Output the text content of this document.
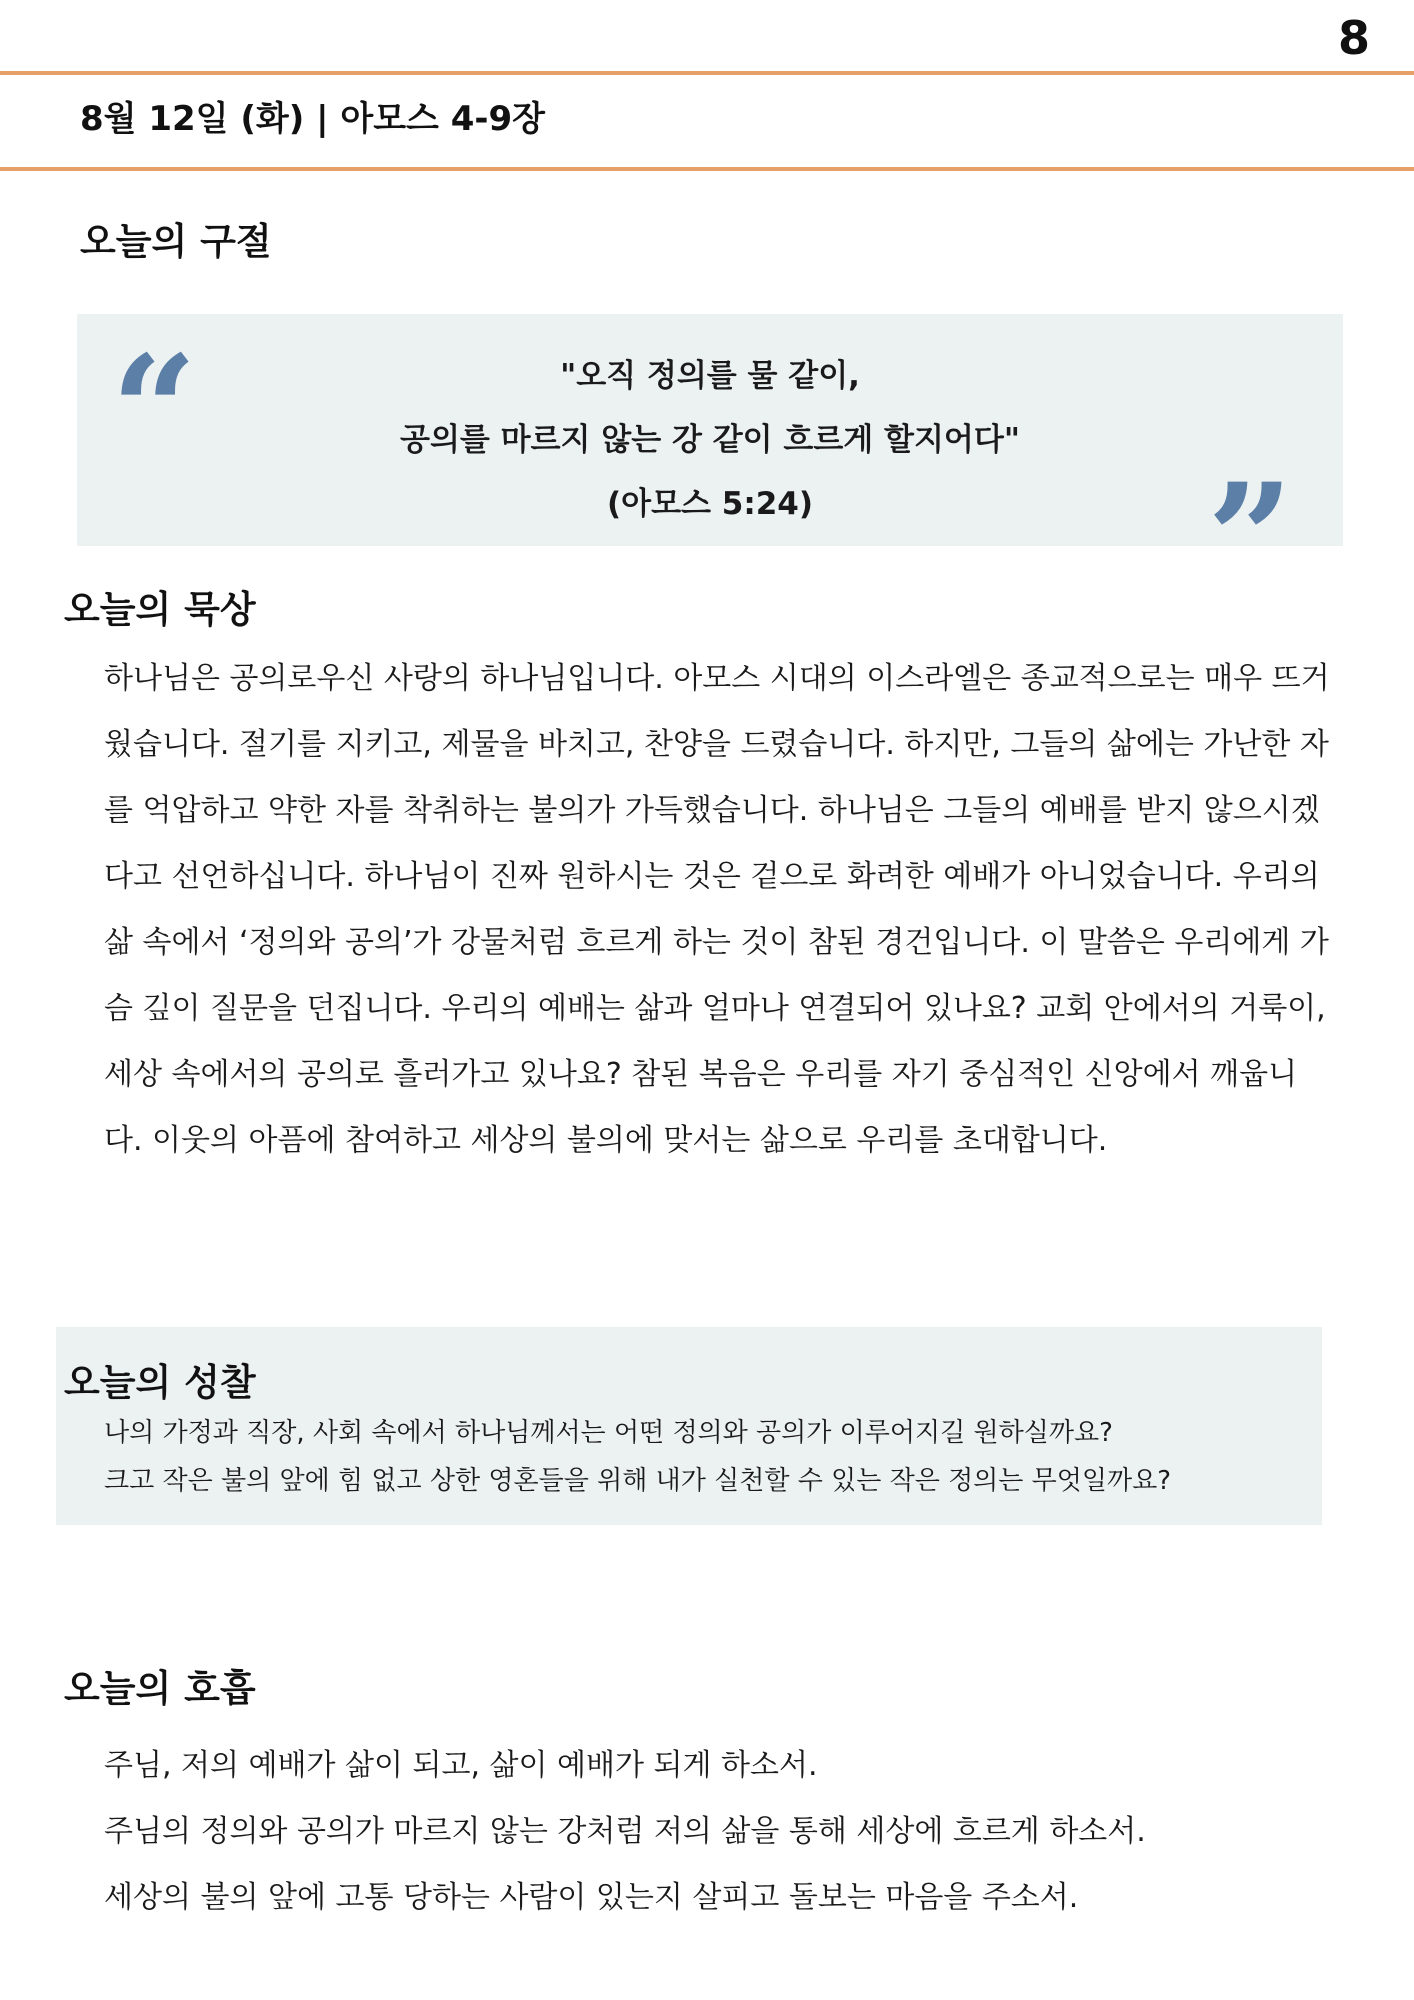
8
8월 12일 (화) | 아모스 4-9장
오늘의 구절
“	"오직 정의를 물 같이,
공의를 마르지 않는 강 같이 흐르게 할지어다"
(아모스 5:24)	”
오늘의 묵상

하나님은 공의로우신 사랑의 하나님입니다. 아모스 시대의 이스라엘은 종교적으로는 매우 뜨거웠습니다. 절기를 지키고, 제물을 바치고, 찬양을 드렸습니다. 하지만, 그들의 삶에는 가난한 자를 억압하고 약한 자를 착취하는 불의가 가득했습니다. 하나님은 그들의 예배를 받지 않으시겠다고 선언하십니다. 하나님이 진짜 원하시는 것은 겉으로 화려한 예배가 아니었습니다. 우리의 삶 속에서 ‘정의와 공의’가 강물처럼 흐르게 하는 것이 참된 경건입니다. 이 말씀은 우리에게 가슴 깊이 질문을 던집니다. 우리의 예배는 삶과 얼마나 연결되어 있나요? 교회 안에서의 거룩이, 세상 속에서의 공의로 흘러가고 있나요? 참된 복음은 우리를 자기 중심적인 신앙에서 깨웁니다. 이웃의 아픔에 참여하고 세상의 불의에 맞서는 삶으로 우리를 초대합니다.

오늘의 성찰
나의 가정과 직장, 사회 속에서 하나님께서는 어떤 정의와 공의가 이루어지길 원하실까요?
크고 작은 불의 앞에 힘 없고 상한 영혼들을 위해 내가 실천할 수 있는 작은 정의는 무엇일까요?
오늘의 호흡
주님, 저의 예배가 삶이 되고, 삶이 예배가 되게 하소서.
주님의 정의와 공의가 마르지 않는 강처럼 저의 삶을 통해 세상에 흐르게 하소서.
세상의 불의 앞에 고통 당하는 사람이 있는지 살피고 돌보는 마음을 주소서.
